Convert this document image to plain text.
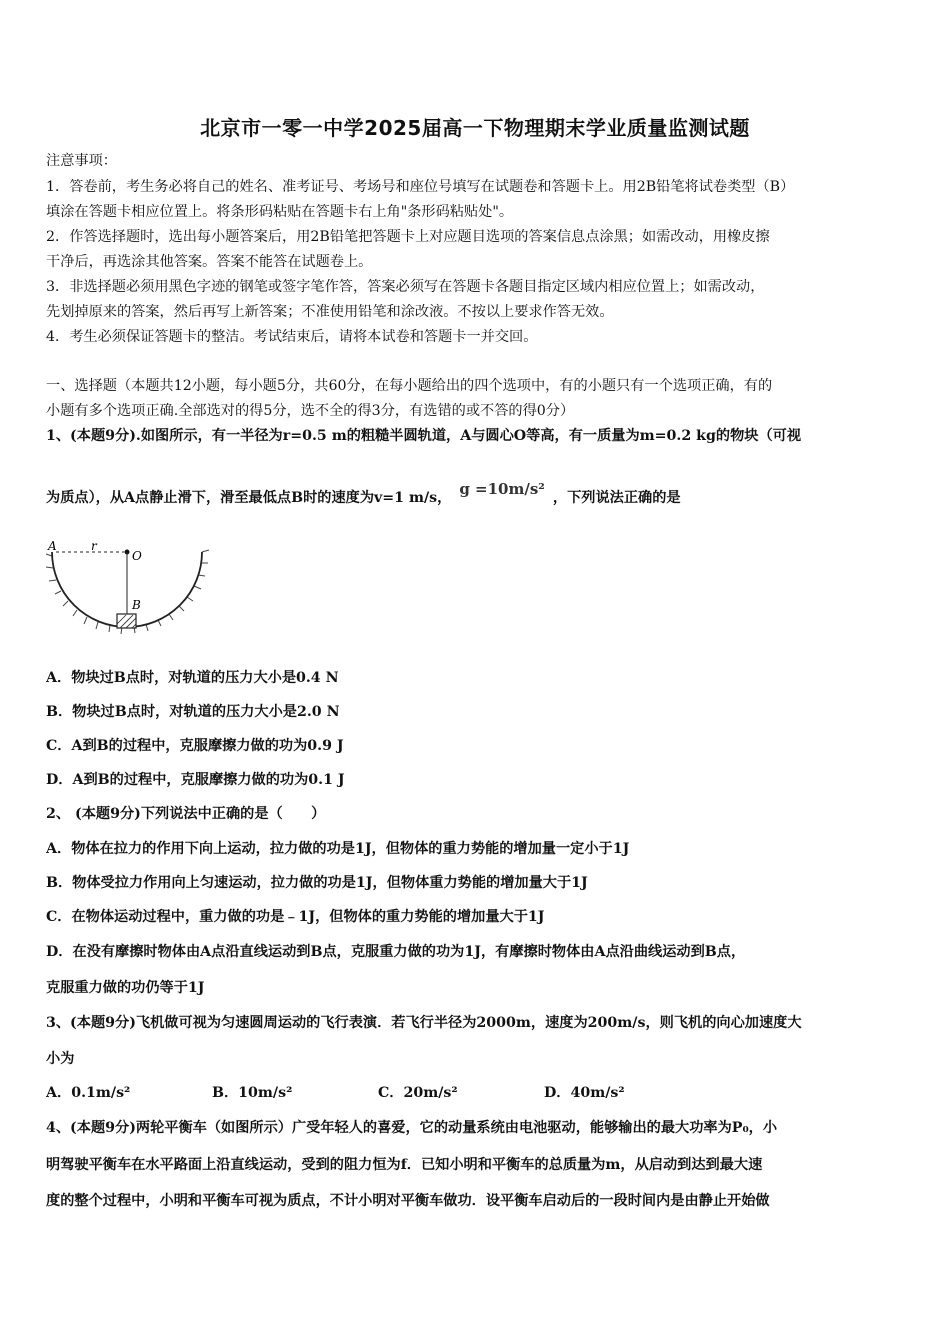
北京市一零一中学2025届高一下物理期末学业质量监测试题
注意事项：
1．答卷前，考生务必将自己的姓名、准考证号、考场号和座位号填写在试题卷和答题卡上。用2B铅笔将试卷类型（B）
填涂在答题卡相应位置上。将条形码粘贴在答题卡右上角"条形码粘贴处"。
2．作答选择题时，选出每小题答案后，用2B铅笔把答题卡上对应题目选项的答案信息点涂黑；如需改动，用橡皮擦
干净后，再选涂其他答案。答案不能答在试题卷上。
3．非选择题必须用黑色字迹的钢笔或签字笔作答，答案必须写在答题卡各题目指定区域内相应位置上；如需改动，
先划掉原来的答案，然后再写上新答案；不准使用铅笔和涂改液。不按以上要求作答无效。
4．考生必须保证答题卡的整洁。考试结束后，请将本试卷和答题卡一并交回。
一、选择题（本题共12小题，每小题5分，共60分，在每小题给出的四个选项中，有的小题只有一个选项正确，有的
小题有多个选项正确.全部选对的得5分，选不全的得3分，有选错的或不答的得0分）
1、(本题9分).如图所示，有一半径为r=0.5 m的粗糙半圆轨道，A与圆心O等高，有一质量为m=0.2 kg的物块（可视
为质点），从A点静止滑下，滑至最低点B时的速度为v=1 m/s， g =10m/s² ，下列说法正确的是
A	r
O
B
A．物块过B点时，对轨道的压力大小是0.4 N
B．物块过B点时，对轨道的压力大小是2.0 N
C．A到B的过程中，克服摩擦力做的功为0.9 J
D．A到B的过程中，克服摩擦力做的功为0.1 J
2、 (本题9分)下列说法中正确的是（　　）
A．物体在拉力的作用下向上运动，拉力做的功是1J，但物体的重力势能的增加量一定小于1J
B．物体受拉力作用向上匀速运动，拉力做的功是1J，但物体重力势能的增加量大于1J
C．在物体运动过程中，重力做的功是﹣1J，但物体的重力势能的增加量大于1J
D．在没有摩擦时物体由A点沿直线运动到B点，克服重力做的功为1J，有摩擦时物体由A点沿曲线运动到B点，
克服重力做的功仍等于1J
3、(本题9分)飞机做可视为匀速圆周运动的飞行表演．若飞行半径为2000m，速度为200m/s，则飞机的向心加速度大
小为
A．0.1m/s²	B．10m/s²	C．20m/s²	D．40m/s²
4、(本题9分)两轮平衡车（如图所示）广受年轻人的喜爱，它的动量系统由电池驱动，能够输出的最大功率为P₀，小
明驾驶平衡车在水平路面上沿直线运动，受到的阻力恒为f．已知小明和平衡车的总质量为m，从启动到达到最大速
度的整个过程中，小明和平衡车可视为质点，不计小明对平衡车做功．设平衡车启动后的一段时间内是由静止开始做
